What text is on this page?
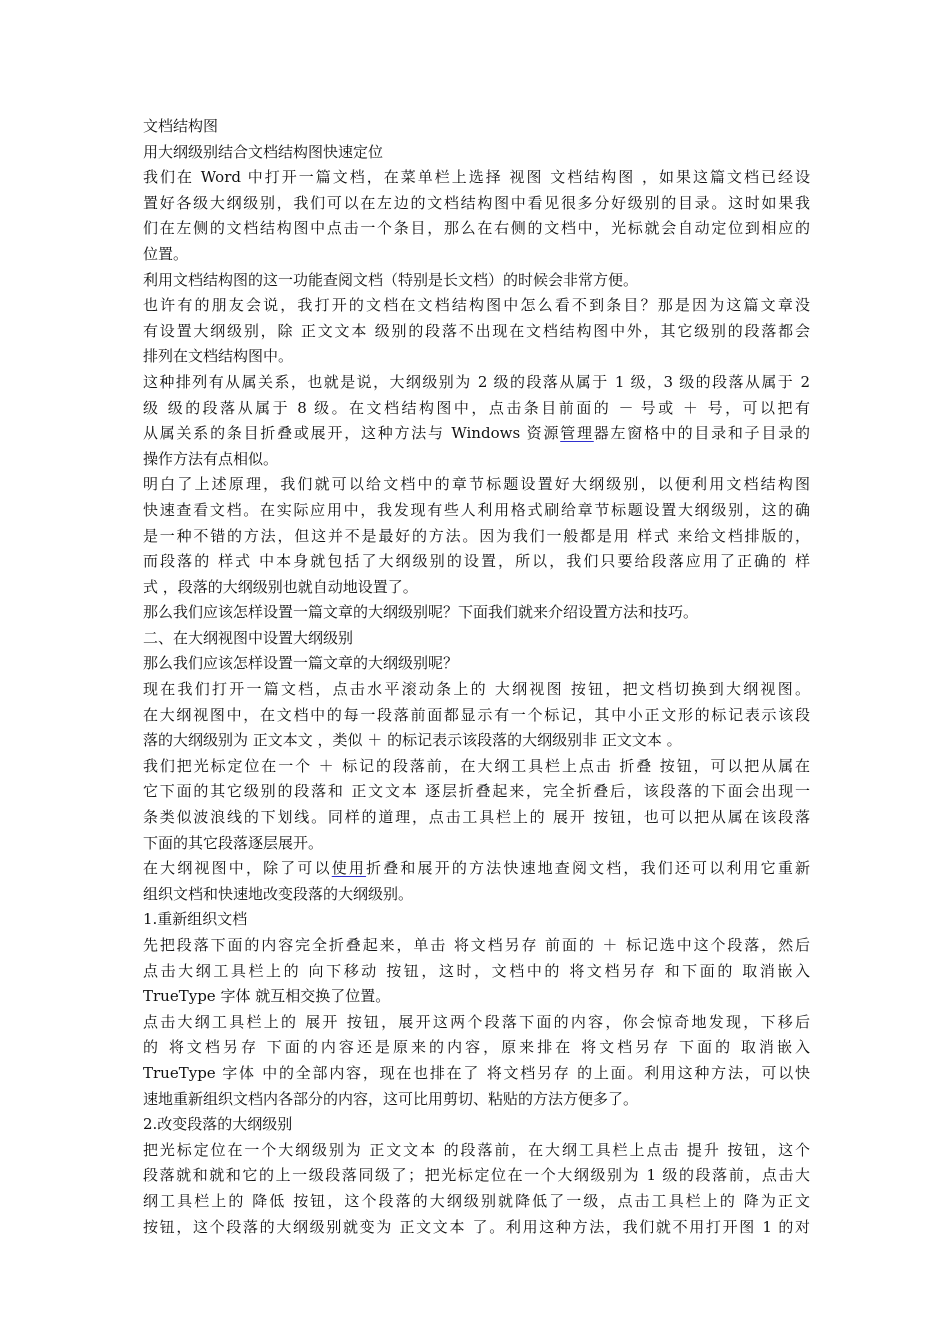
文档结构图
用大纲级别结合文档结构图快速定位
我们在 Word 中打开一篇文档，在菜单栏上选择 视图 文档结构图 ，如果这篇文档已经设
置好各级大纲级别，我们可以在左边的文档结构图中看见很多分好级别的目录。这时如果我
们在左侧的文档结构图中点击一个条目，那么在右侧的文档中，光标就会自动定位到相应的
位置。
利用文档结构图的这一功能查阅文档（特别是长文档）的时候会非常方便。
也许有的朋友会说，我打开的文档在文档结构图中怎么看不到条目？那是因为这篇文章没
有设置大纲级别，除 正文文本 级别的段落不出现在文档结构图中外，其它级别的段落都会
排列在文档结构图中。
这种排列有从属关系，也就是说，大纲级别为 2 级的段落从属于 1 级，3 级的段落从属于 2
级 级的段落从属于 8 级。在文档结构图中，点击条目前面的 － 号或 ＋ 号，可以把有
从属关系的条目折叠或展开，这种方法与 Windows 资源管理器左窗格中的目录和子目录的
操作方法有点相似。
明白了上述原理，我们就可以给文档中的章节标题设置好大纲级别，以便利用文档结构图
快速查看文档。在实际应用中，我发现有些人利用格式刷给章节标题设置大纲级别，这的确
是一种不错的方法，但这并不是最好的方法。因为我们一般都是用 样式 来给文档排版的，
而段落的 样式 中本身就包括了大纲级别的设置，所以，我们只要给段落应用了正确的 样
式 ，段落的大纲级别也就自动地设置了。
那么我们应该怎样设置一篇文章的大纲级别呢？下面我们就来介绍设置方法和技巧。
二、在大纲视图中设置大纲级别
那么我们应该怎样设置一篇文章的大纲级别呢？
现在我们打开一篇文档，点击水平滚动条上的 大纲视图 按钮，把文档切换到大纲视图。
在大纲视图中，在文档中的每一段落前面都显示有一个标记，其中小正文形的标记表示该段
落的大纲级别为 正文本文 ，类似 ＋ 的标记表示该段落的大纲级别非 正文文本 。
我们把光标定位在一个 ＋ 标记的段落前，在大纲工具栏上点击 折叠 按钮，可以把从属在
它下面的其它级别的段落和 正文文本 逐层折叠起来，完全折叠后，该段落的下面会出现一
条类似波浪线的下划线。同样的道理，点击工具栏上的 展开 按钮，也可以把从属在该段落
下面的其它段落逐层展开。
在大纲视图中，除了可以使用折叠和展开的方法快速地查阅文档，我们还可以利用它重新
组织文档和快速地改变段落的大纲级别。
1.重新组织文档
先把段落下面的内容完全折叠起来，单击 将文档另存 前面的 ＋ 标记选中这个段落，然后
点击大纲工具栏上的 向下移动 按钮，这时，文档中的 将文档另存 和下面的 取消嵌入
TrueType 字体 就互相交换了位置。
点击大纲工具栏上的 展开 按钮，展开这两个段落下面的内容，你会惊奇地发现，下移后
的 将文档另存 下面的内容还是原来的内容，原来排在 将文档另存 下面的 取消嵌入
TrueType 字体 中的全部内容，现在也排在了 将文档另存 的上面。利用这种方法，可以快
速地重新组织文档内各部分的内容，这可比用剪切、粘贴的方法方便多了。
2.改变段落的大纲级别
把光标定位在一个大纲级别为 正文文本 的段落前，在大纲工具栏上点击 提升 按钮，这个
段落就和就和它的上一级段落同级了；把光标定位在一个大纲级别为 1 级的段落前，点击大
纲工具栏上的 降低 按钮，这个段落的大纲级别就降低了一级，点击工具栏上的 降为正文
按钮，这个段落的大纲级别就变为 正文文本 了。利用这种方法，我们就不用打开图 1 的对
